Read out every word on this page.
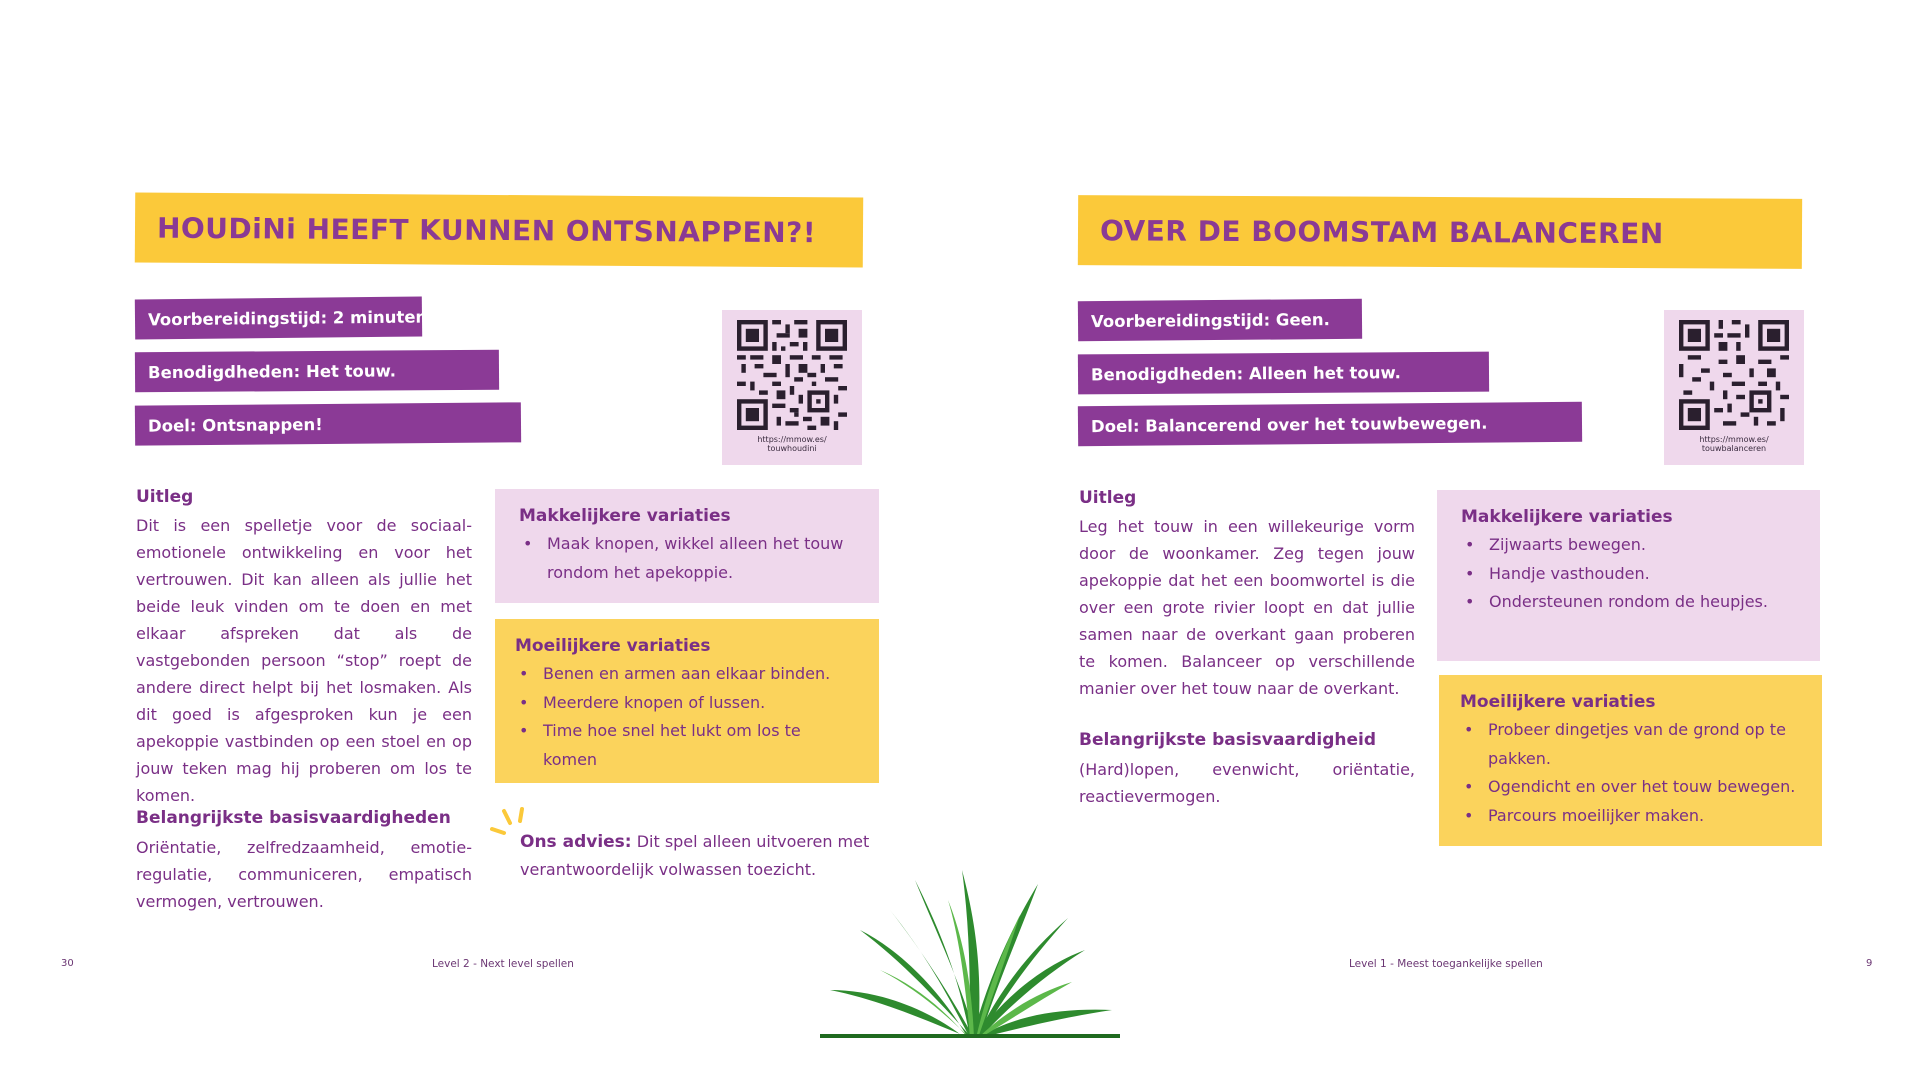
HOUDiNi HEEFT KUNNEN ONTSNAPPEN?!
Voorbereidingstijd: 2 minuten.
Benodigdheden: Het touw.
Doel: Ontsnappen!
https://mmow.es/
touwhoudini
Uitleg
Dit is een spelletje voor de sociaal-emotionele ontwikkeling en voor het vertrouwen. Dit kan alleen als jullie het beide leuk vinden om te doen en met elkaar afspreken dat als de vastgebonden persoon “stop” roept de andere direct helpt bij het losmaken. Als dit goed is afgesproken kun je een apekoppie vastbinden op een stoel en op jouw teken mag hij proberen om los te komen.
Belangrijkste basisvaardigheden
Oriëntatie, zelfredzaamheid, emotie-regulatie, communiceren, empatisch vermogen, vertrouwen.
Makkelijkere variaties
• Maak knopen, wikkel alleen het touw rondom het apekoppie.
Moeilijkere variaties
• Benen en armen aan elkaar binden.
• Meerdere knopen of lussen.
• Time hoe snel het lukt om los te komen
Ons advies: Dit spel alleen uitvoeren met verantwoordelijk volwassen toezicht.
Level 2 - Next level spellen
30
OVER DE BOOMSTAM BALANCEREN
Voorbereidingstijd: Geen.
Benodigdheden: Alleen het touw.
Doel: Balancerend over het touwbewegen.
https://mmow.es/
touwbalanceren
Uitleg
Leg het touw in een willekeurige vorm door de woonkamer. Zeg tegen jouw apekoppie dat het een boomwortel is die over een grote rivier loopt en dat jullie samen naar de overkant gaan proberen te komen. Balanceer op verschillende manier over het touw naar de overkant.
Belangrijkste basisvaardigheid
(Hard)lopen, evenwicht, oriëntatie, reactievermogen.
Makkelijkere variaties
• Zijwaarts bewegen.
• Handje vasthouden.
• Ondersteunen rondom de heupjes.
Moeilijkere variaties
• Probeer dingetjes van de grond op te pakken.
• Ogendicht en over het touw bewegen.
• Parcours moeilijker maken.
Level 1 - Meest toegankelijke spellen	9
